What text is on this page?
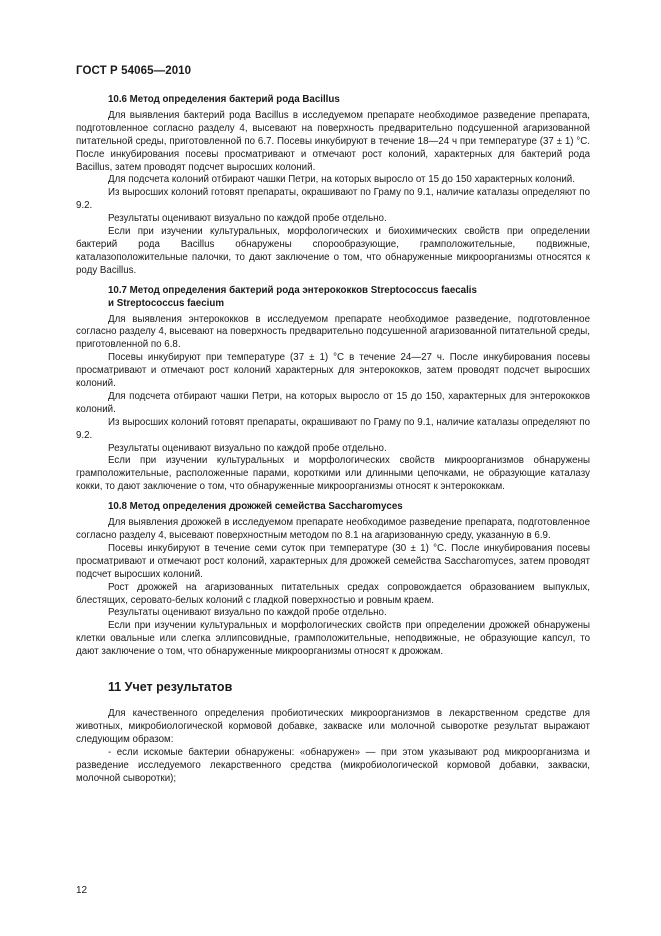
ГОСТ Р 54065—2010
10.6 Метод определения бактерий рода Bacillus

Для выявления бактерий рода Bacillus в исследуемом препарате необходимое разведение препарата, подготовленное согласно разделу 4, высевают на поверхность предварительно подсушенной агаризованной питательной среды, приготовленной по 6.7. Посевы инкубируют в течение 18—24 ч при температуре (37 ± 1) °С. После инкубирования посевы просматривают и отмечают рост колоний, характерных для бактерий рода Bacillus, затем проводят подсчет выросших колоний.

Для подсчета колоний отбирают чашки Петри, на которых выросло от 15 до 150 характерных колоний.

Из выросших колоний готовят препараты, окрашивают по Граму по 9.1, наличие каталазы определяют по 9.2.

Результаты оценивают визуально по каждой пробе отдельно.

Если при изучении культуральных, морфологических и биохимических свойств при определении бактерий рода Bacillus обнаружены спорообразующие, грамположительные, подвижные, каталазоположительные палочки, то дают заключение о том, что обнаруженные микроорганизмы относятся к роду Bacillus.

10.7 Метод определения бактерий рода энтерококков Streptococcus faecalis
и Streptococcus faecium

Для выявления энтерококков в исследуемом препарате необходимое разведение, подготовленное согласно разделу 4, высевают на поверхность предварительно подсушенной агаризованной питательной среды, приготовленной по 6.8.

Посевы инкубируют при температуре (37 ± 1) °С в течение 24—27 ч. После инкубирования посевы просматривают и отмечают рост колоний характерных для энтерококков, затем проводят подсчет выросших колоний.

Для подсчета отбирают чашки Петри, на которых выросло от 15 до 150, характерных для энтерококков колоний.

Из выросших колоний готовят препараты, окрашивают по Граму по 9.1, наличие каталазы определяют по 9.2.

Результаты оценивают визуально по каждой пробе отдельно.

Если при изучении культуральных и морфологических свойств микроорганизмов обнаружены грамположительные, расположенные парами, короткими или длинными цепочками, не образующие каталазу кокки, то дают заключение о том, что обнаруженные микроорганизмы относят к энтерококкам.

10.8 Метод определения дрожжей семейства Saccharomyces

Для выявления дрожжей в исследуемом препарате необходимое разведение препарата, подготовленное согласно разделу 4, высевают поверхностным методом по 8.1 на агаризованную среду, указанную в 6.9.

Посевы инкубируют в течение семи суток при температуре (30 ± 1) °С. После инкубирования посевы просматривают и отмечают рост колоний, характерных для дрожжей семейства Saccharomyces, затем проводят подсчет выросших колоний.

Рост дрожжей на агаризованных питательных средах сопровождается образованием выпуклых, блестящих, серовато-белых колоний с гладкой поверхностью и ровным краем.

Результаты оценивают визуально по каждой пробе отдельно.

Если при изучении культуральных и морфологических свойств при определении дрожжей обнаружены клетки овальные или слегка эллипсовидные, грамположительные, неподвижные, не образующие капсул, то дают заключение о том, что обнаруженные микроорганизмы относят к дрожжам.

11 Учет результатов

Для качественного определения пробиотических микроорганизмов в лекарственном средстве для животных, микробиологической кормовой добавке, закваске или молочной сыворотке результат выражают следующим образом:

- если искомые бактерии обнаружены: «обнаружен» — при этом указывают род микроорганизма и разведение исследуемого лекарственного средства (микробиологической кормовой добавки, закваски, молочной сыворотки);

12
